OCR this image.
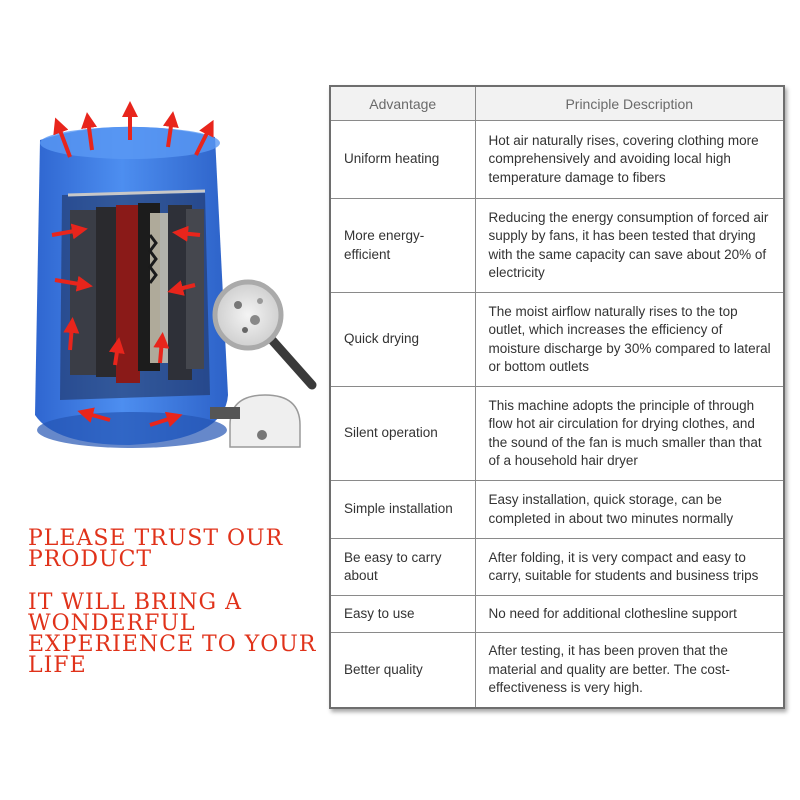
PLEASE TRUST OUR PRODUCT
IT WILL BRING A WONDERFUL EXPERIENCE TO YOUR LIFE
Advantage	Principle Description
Uniform heating	Hot air naturally rises, covering clothing more comprehensively and avoiding local high temperature damage to fibers
More energy-efficient	Reducing the energy consumption of forced air supply by fans, it has been tested that drying with the same capacity can save about 20% of electricity
Quick drying	The moist airflow naturally rises to the top outlet, which increases the efficiency of moisture discharge by 30% compared to lateral or bottom outlets
Silent operation	This machine adopts the principle of through flow hot air circulation for drying clothes, and the sound of the fan is much smaller than that of a household hair dryer
Simple installation	Easy installation, quick storage, can be completed in about two minutes normally
Be easy to carry about	After folding, it is very compact and easy to carry, suitable for students and business trips
Easy to use	No need for additional clothesline support
Better quality	After testing, it has been proven that the material and quality are better. The cost-effectiveness is very high.
